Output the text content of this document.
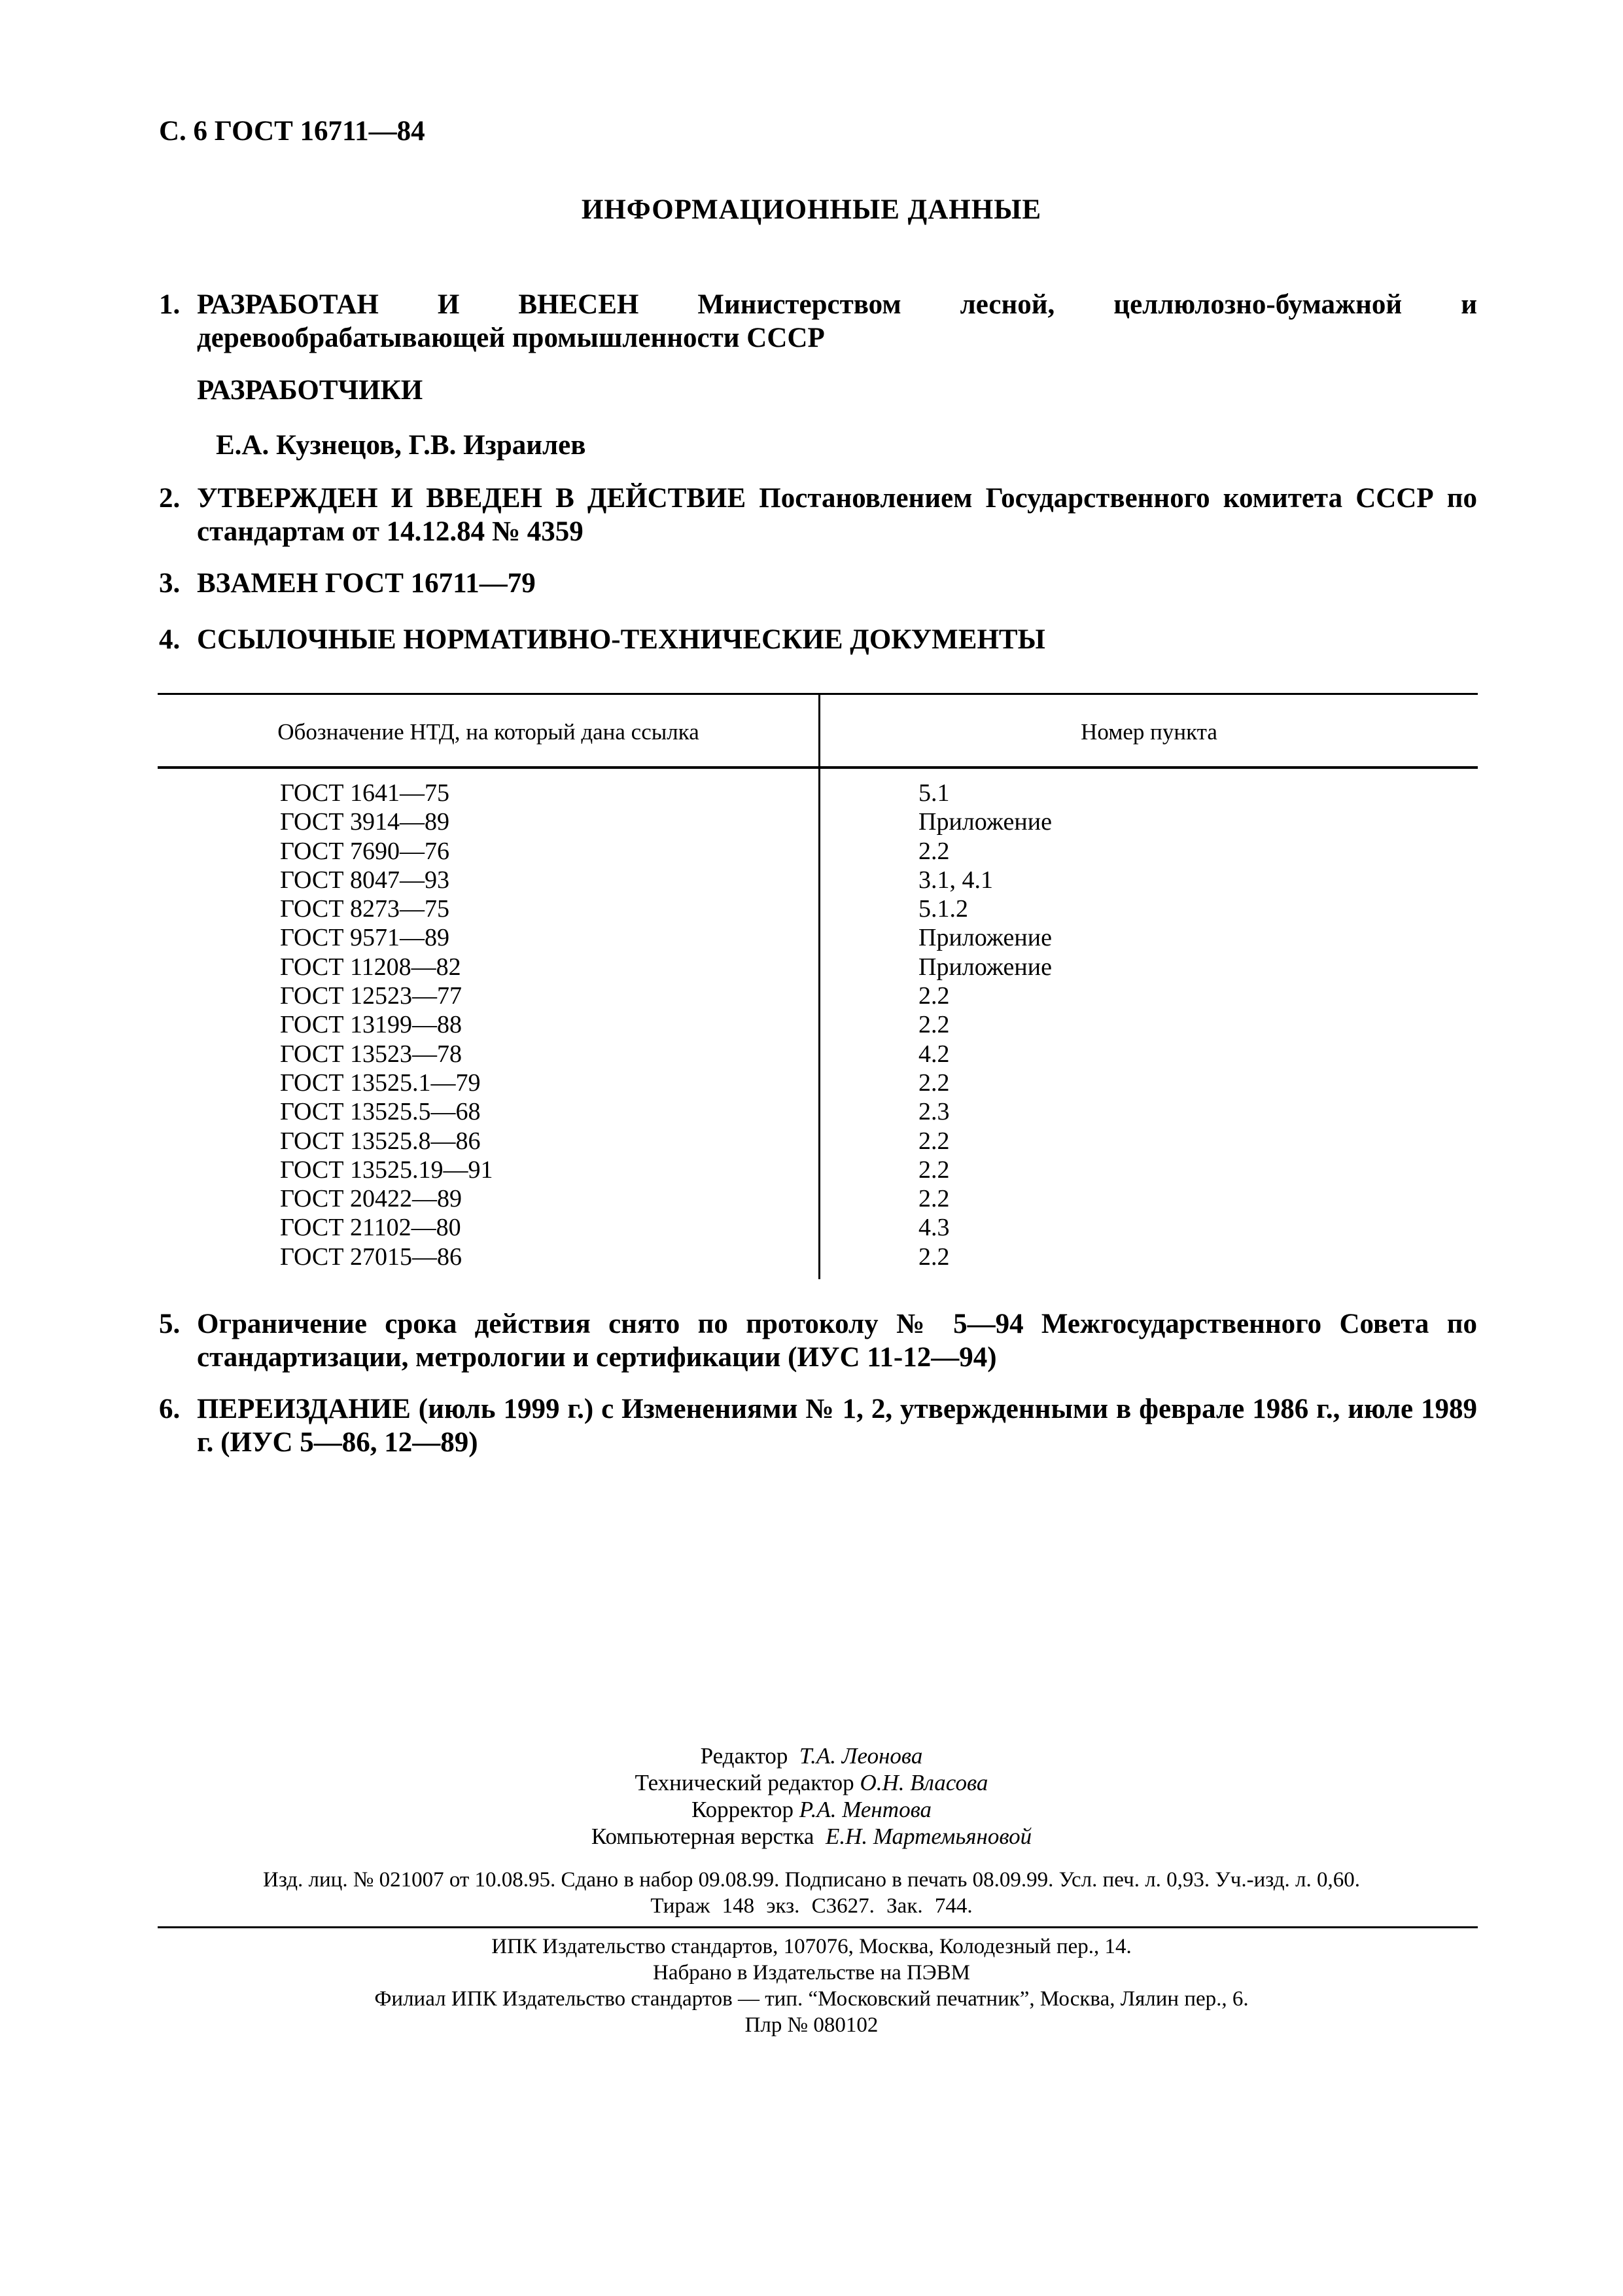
С. 6 ГОСТ 16711—84
ИНФОРМАЦИОННЫЕ ДАННЫЕ
1. РАЗРАБОТАН И ВНЕСЕН Министерством лесной, целлюлозно-бумажной и деревообрабатывающей промышленности СССР
РАЗРАБОТЧИКИ
Е.А. Кузнецов, Г.В. Израилев
2. УТВЕРЖДЕН И ВВЕДЕН В ДЕЙСТВИЕ Постановлением Государственного комитета СССР по стандартам от 14.12.84 № 4359
3. ВЗАМЕН ГОСТ 16711—79
4. ССЫЛОЧНЫЕ НОРМАТИВНО-ТЕХНИЧЕСКИЕ ДОКУМЕНТЫ
Обозначение НТД, на который дана ссылка	Номер пункта
ГОСТ 1641—75
ГОСТ 3914—89
ГОСТ 7690—76
ГОСТ 8047—93
ГОСТ 8273—75
ГОСТ 9571—89
ГОСТ 11208—82
ГОСТ 12523—77
ГОСТ 13199—88
ГОСТ 13523—78
ГОСТ 13525.1—79
ГОСТ 13525.5—68
ГОСТ 13525.8—86
ГОСТ 13525.19—91
ГОСТ 20422—89
ГОСТ 21102—80
ГОСТ 27015—86
5.1
Приложение
2.2
3.1, 4.1
5.1.2
Приложение
Приложение
2.2
2.2
4.2
2.2
2.3
2.2
2.2
2.2
4.3
2.2
5. Ограничение срока действия снято по протоколу № 5—94 Межгосударственного Совета по стандартизации, метрологии и сертификации (ИУС 11-12—94)
6. ПЕРЕИЗДАНИЕ (июль 1999 г.) с Изменениями № 1, 2, утвержденными в феврале 1986 г., июле 1989 г. (ИУС 5—86, 12—89)
Редактор Т.А. Леонова
Технический редактор О.Н. Власова
Корректор Р.А. Ментова
Компьютерная верстка Е.Н. Мартемьяновой
Изд. лиц. № 021007 от 10.08.95. Сдано в набор 09.08.99. Подписано в печать 08.09.99. Усл. печ. л. 0,93. Уч.-изд. л. 0,60.
Тираж 148 экз. С3627. Зак. 744.
ИПК Издательство стандартов, 107076, Москва, Колодезный пер., 14.
Набрано в Издательстве на ПЭВМ
Филиал ИПК Издательство стандартов — тип. “Московский печатник”, Москва, Лялин пер., 6.
Плр № 080102
